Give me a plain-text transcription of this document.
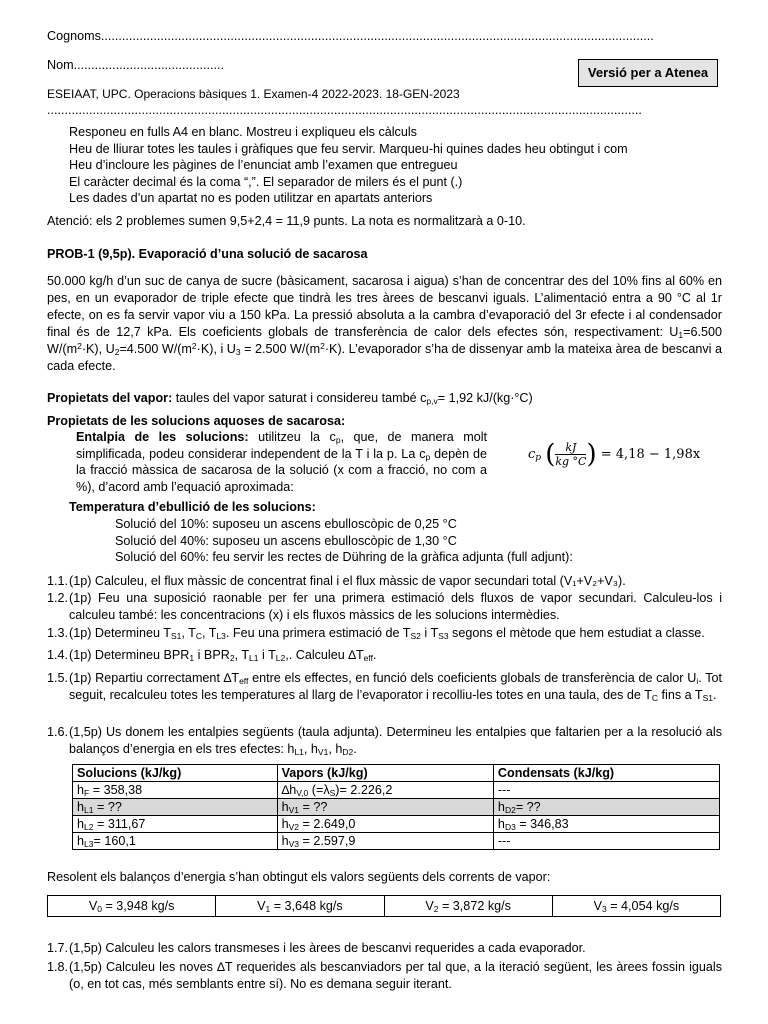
Cognoms..............................................................................................................................................................
Nom...........................................	Versió per a Atenea
ESEIAAT, UPC. Operacions bàsiques 1. Examen-4 2022-2023. 18-GEN-2023
..........................................................................................................................................................................
Responeu en fulls A4 en blanc. Mostreu i expliqueu els càlculs
Heu de lliurar totes les taules i gràfiques que feu servir. Marqueu-hi quines dades heu obtingut i com
Heu d’incloure les pàgines de l’enunciat amb l’examen que entregueu
El caràcter decimal és la coma “,”. El separador de milers és el punt (.)
Les dades d’un apartat no es poden utilitzar en apartats anteriors
Atenció: els 2 problemes sumen 9,5+2,4 = 11,9 punts. La nota es normalitzarà a 0-10.
PROB-1 (9,5p). Evaporació d’una solució de sacarosa
50.000 kg/h d’un suc de canya de sucre (bàsicament, sacarosa i aigua) s’han de concentrar des del 10% fins al 60% en pes, en un evaporador de triple efecte que tindrà les tres àrees de bescanvi iguals. L’alimentació entra a 90 °C al 1r efecte, on es fa servir vapor viu a 150 kPa. La pressió absoluta a la cambra d’evaporació del 3r efecte i al condensador final és de 12,7 kPa. Els coeficients globals de transferència de calor dels efectes són, respectivament: $U_1=6.500$ $W/(m^2\cdot K)$, $U_2=4.500$ $W/(m^2\cdot K)$, i $U_3 = 2.500$ $W/(m^2\cdot K)$. L’evaporador s’ha de dissenyar amb la mateixa àrea de bescanvi a cada efecte.
Propietats del vapor: taules del vapor saturat i considereu també $c_{p,v}= 1,92$ kJ/(kg·°C)
Propietats de les solucions aquoses de sacarosa:
Entalpia de les solucions: utilitzeu la $c_p$, que, de manera molt simplificada, podeu considerar independent de la T i la p. La $c_p$ depèn de la fracció màssica de sacarosa de la solució (x com a fracció, no com a %), d’acord amb l’equació aproximada:
$c_p$ ( $\frac{kJ}{kg ^\circ C}$ ) = 4,18 − 1,98x
Temperatura d’ebullició de les solucions:
Solució del 10%: suposeu un ascens ebulloscòpic de 0,25 °C
Solució del 40%: suposeu un ascens ebulloscòpic de 1,30 °C
Solució del 60%: feu servir les rectes de Dühring de la gràfica adjunta (full adjunt):
1.1. (1p) Calculeu, el flux màssic de concentrat final i el flux màssic de vapor secundari total (V₁+V₂+V₃).
1.2. (1p) Feu una suposició raonable per fer una primera estimació dels fluxos de vapor secundari. Calculeu-los i calculeu també: les concentracions (x) i els fluxos màssics de les solucions intermèdies.
1.3. (1p) Determineu $T_{S1}$, $T_C$, $T_{L3}$. Feu una primera estimació de $T_{S2}$ i $T_{S3}$ segons el mètode que hem estudiat a classe.
1.4. (1p) Determineu $BPR_1$ i $BPR_2$, $T_{L1}$ i $T_{L2}$,. Calculeu $\Delta T_{eff}$.
1.5. (1p) Repartiu correctament $\Delta T_{eff}$ entre els effectes, en funció dels coeficients globals de transferència de calor $U_i$. Tot seguit, recalculeu totes les temperatures al llarg de l’evaporator i recolliu-les totes en una taula, des de $T_C$ fins a $T_{S1}$.
1.6. (1,5p) Us donem les entalpies següents (taula adjunta). Determineu les entalpies que faltarien per a la resolució als balanços d’energia en els tres efectes: $h_{L1}$, $h_{V1}$, $h_{D2}$.
Solucions (kJ/kg)	Vapors (kJ/kg)	Condensats (kJ/kg)
$h_F = 358,38$	$\Delta h_{V,0}$ $(=\lambda_S)= 2.226,2$	---
$h_{L1}$ = ??	$h_{V1}$ = ??	$h_{D2}=$ ??
$h_{L2} = 311,67$	$h_{V2} = 2.649,0$	$h_{D3} = 346,83$
$h_{L3}= 160,1$	$h_{V3} = 2.597,9$	---
Resolent els balanços d’energia s’han obtingut els valors següents dels corrents de vapor:
$V_0 = 3,948$ kg/s	$V_1 = 3,648$ kg/s	$V_2 = 3,872$ kg/s	$V_3 = 4,054$ kg/s
1.7. (1,5p) Calculeu les calors transmeses i les àrees de bescanvi requerides a cada evaporador.
1.8. (1,5p) Calculeu les noves ∆T requerides als bescanviadors per tal que, a la iteració següent, les àrees fossin iguals (o, en tot cas, més semblants entre sí). No es demana seguir iterant.
